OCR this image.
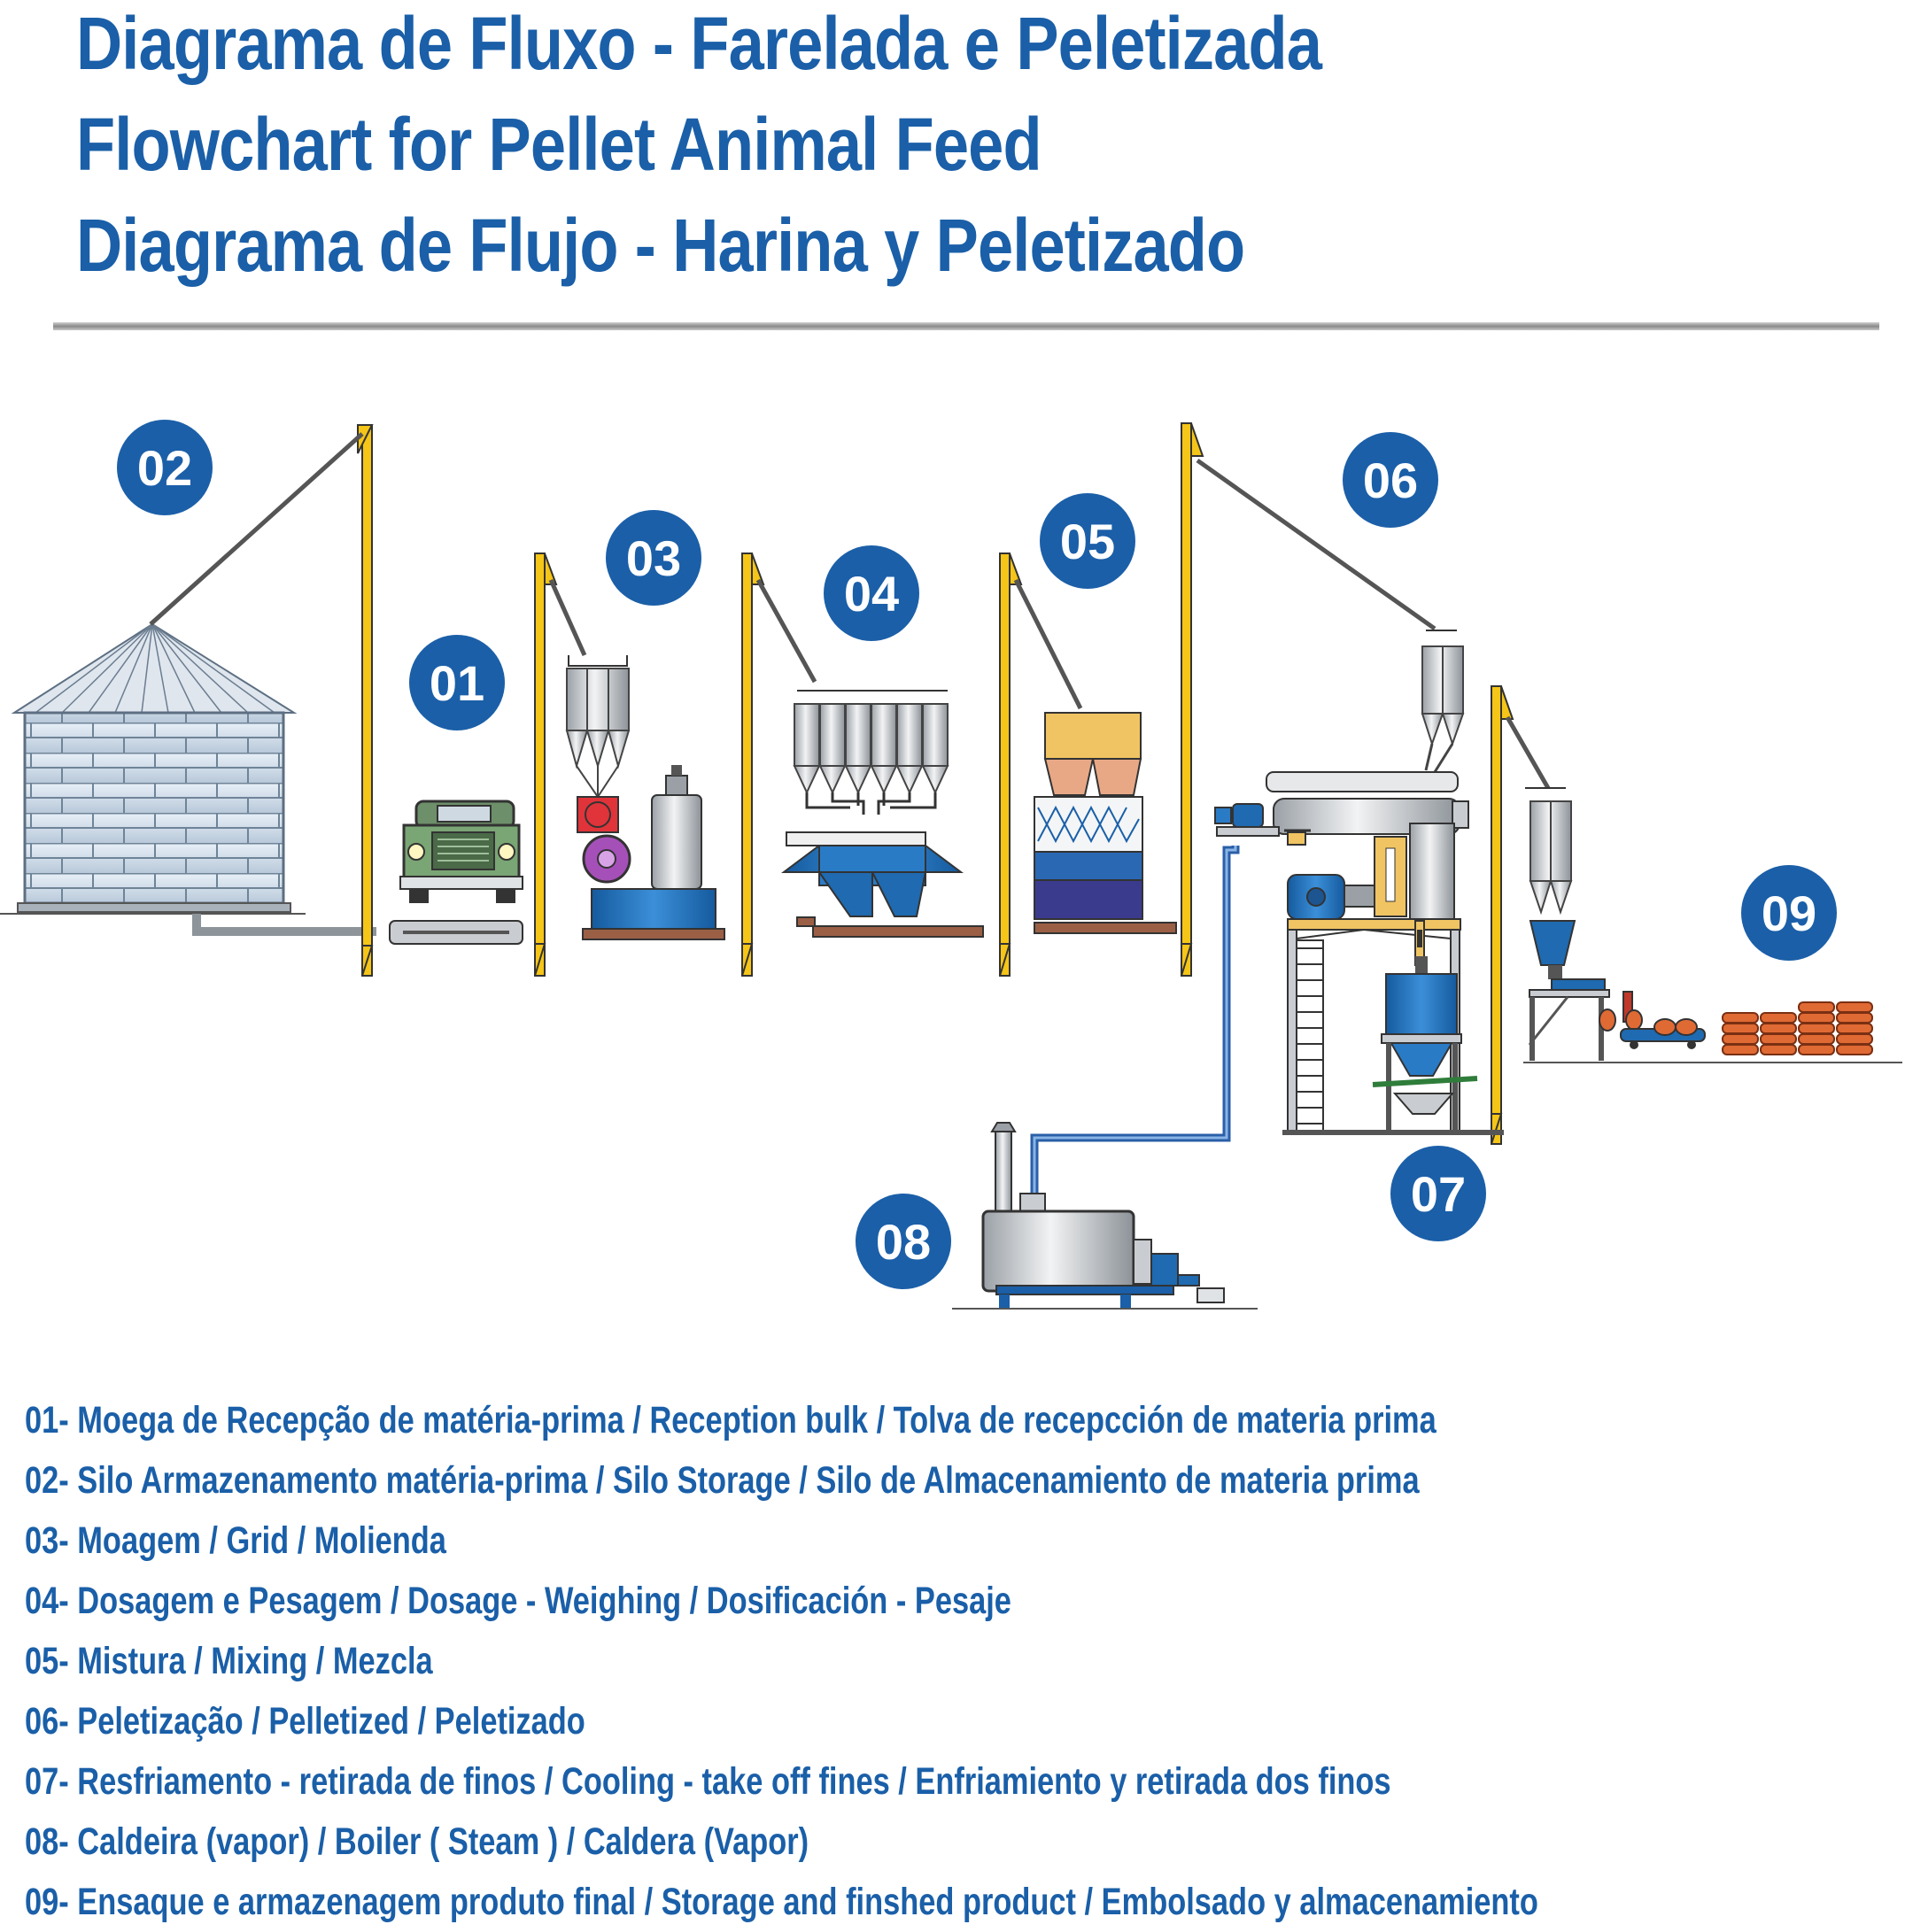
Diagrama de Fluxo - Farelada e Peletizada
Flowchart for Pellet Animal Feed
Diagrama de Flujo - Harina y Peletizado
01
02
03
04
05
06
07
08
09
01- Moega de Recepção de matéria-prima / Reception bulk / Tolva de recepcción de materia prima
02- Silo Armazenamento matéria-prima / Silo Storage / Silo de Almacenamiento de materia prima
03- Moagem / Grid / Molienda
04- Dosagem e Pesagem / Dosage - Weighing / Dosificación - Pesaje
05- Mistura / Mixing / Mezcla
06- Peletização / Pelletized / Peletizado
07- Resfriamento - retirada de finos / Cooling - take off fines / Enfriamiento y retirada dos finos
08- Caldeira (vapor) / Boiler ( Steam ) / Caldera (Vapor)
09- Ensaque e armazenagem produto final / Storage and finshed product / Embolsado y almacenamiento
